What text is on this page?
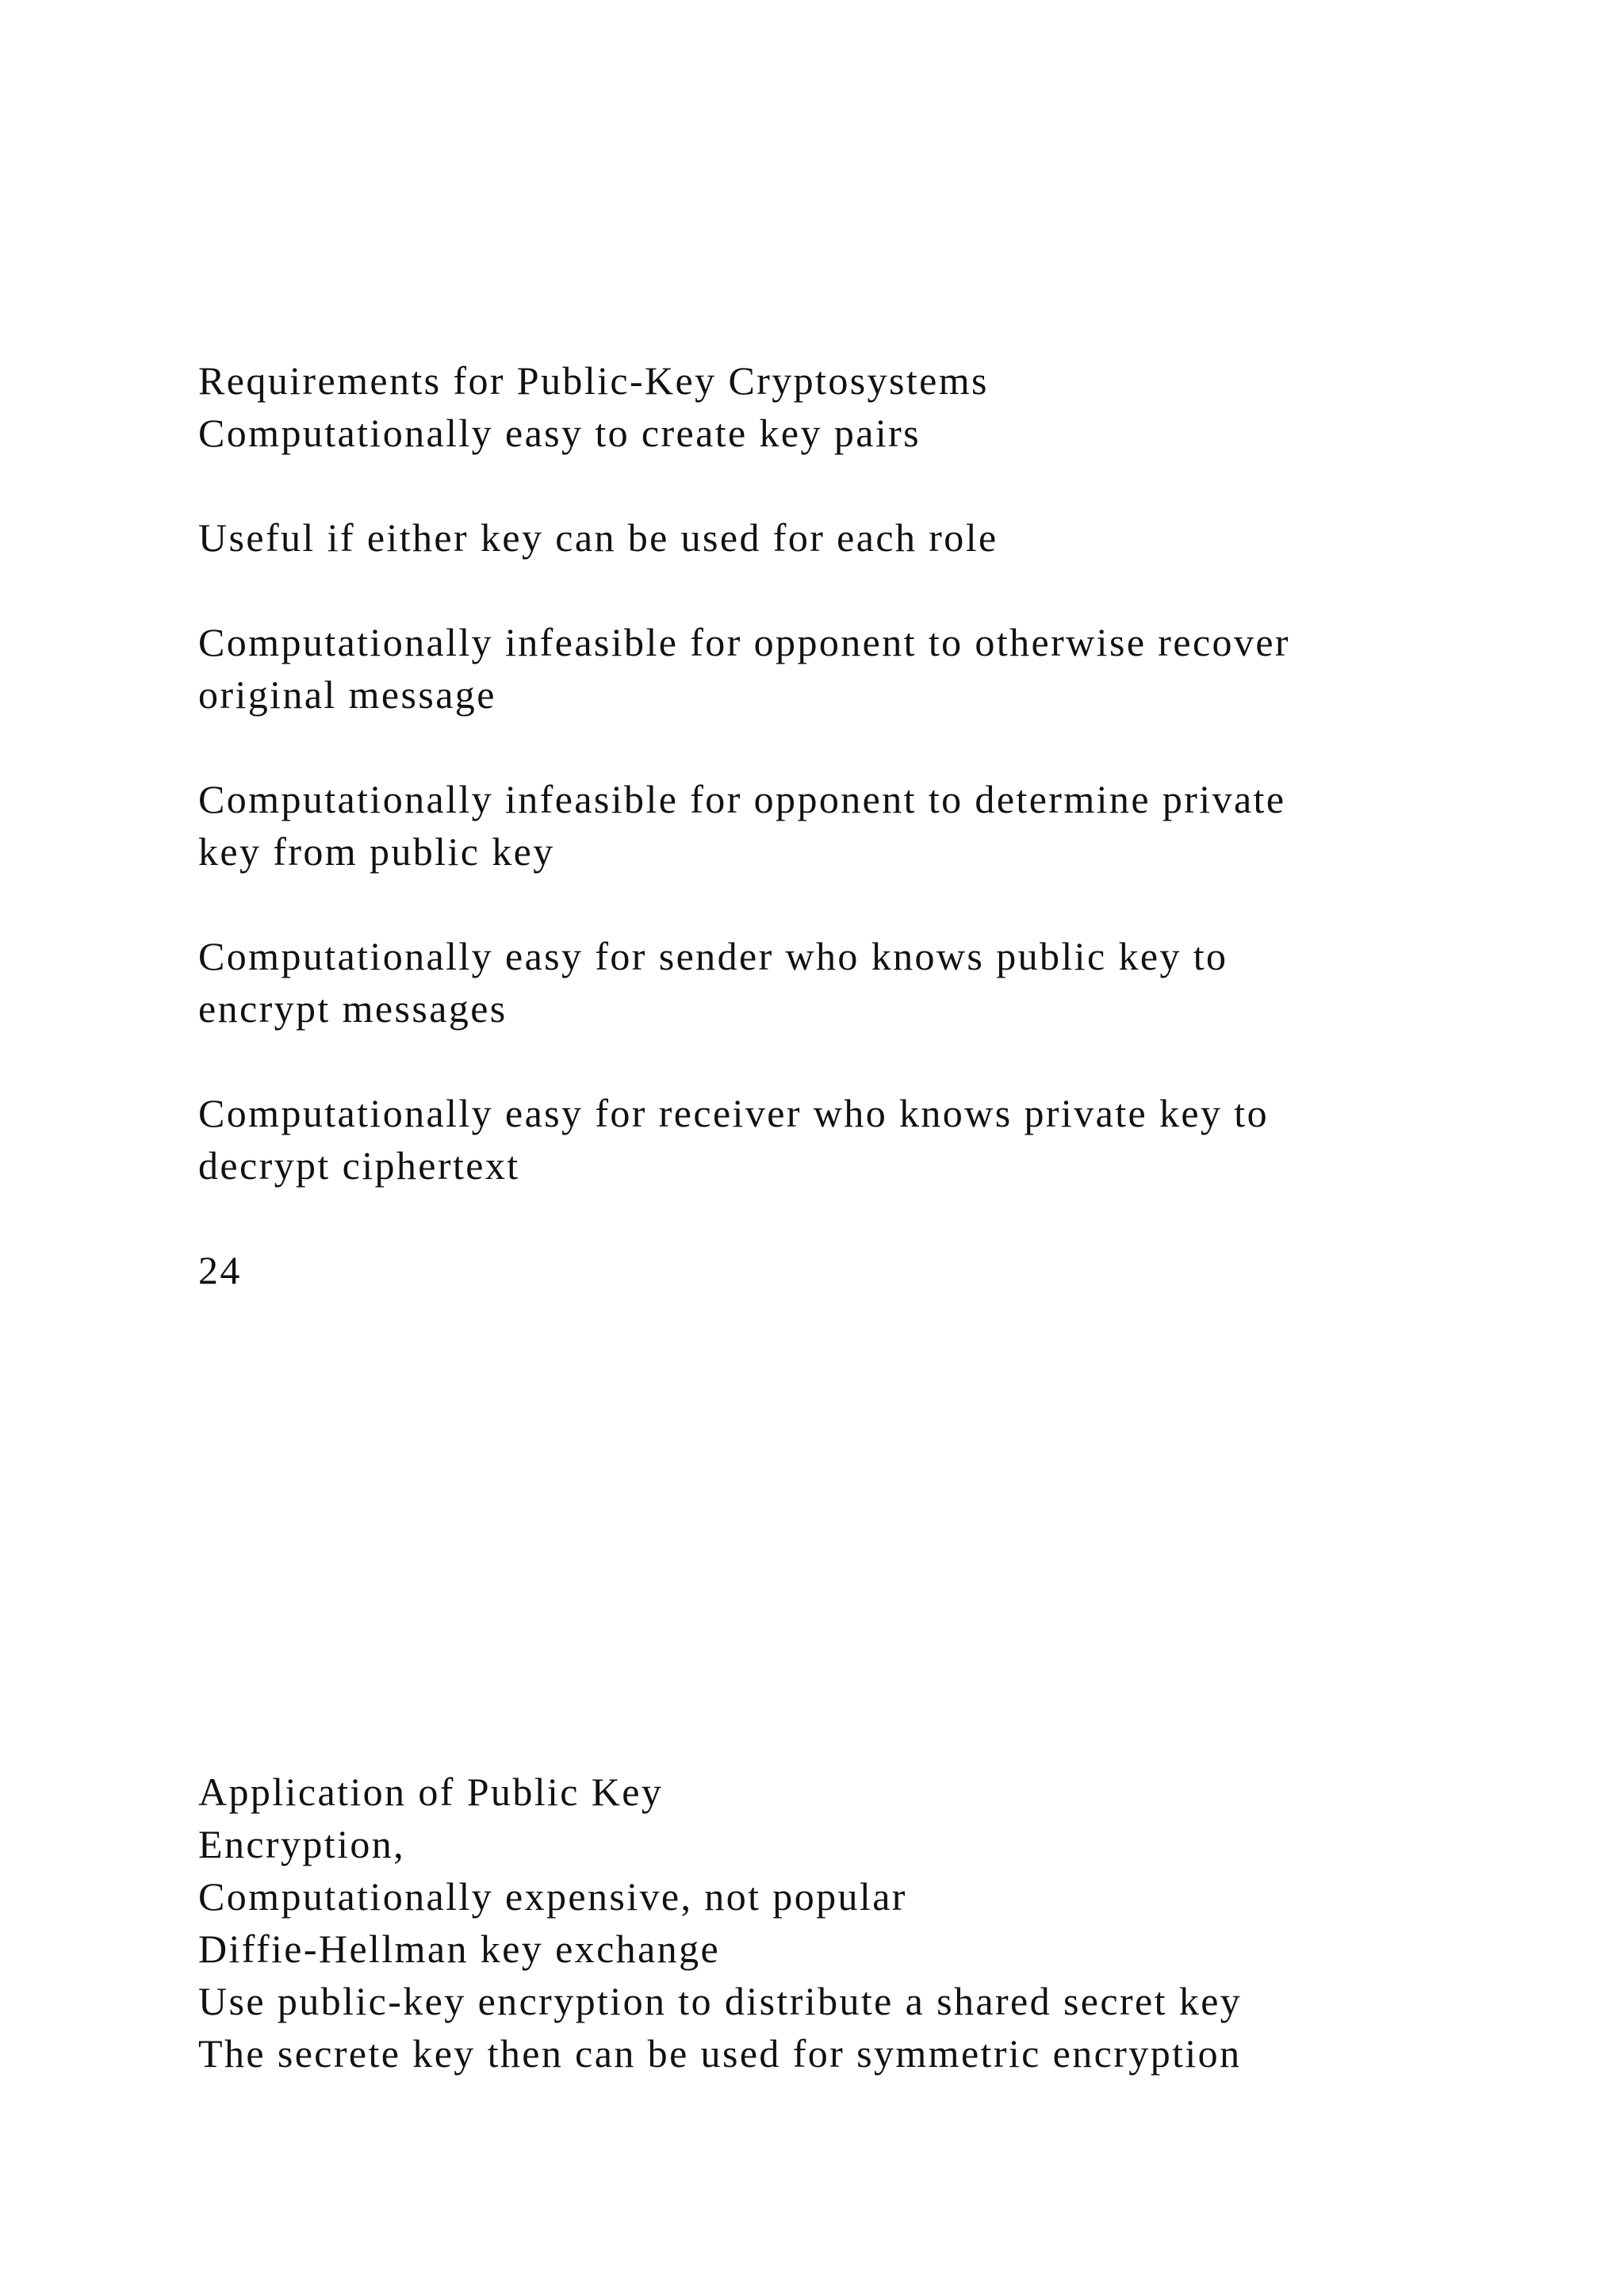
Requirements for Public-Key Cryptosystems
Computationally easy to create key pairs
Useful if either key can be used for each role
Computationally infeasible for opponent to otherwise recover
original message
Computationally infeasible for opponent to determine private
key from public key
Computationally easy for sender who knows public key to
encrypt messages
Computationally easy for receiver who knows private key to
decrypt ciphertext
24
Application of Public Key
Encryption,
Computationally expensive, not popular
Diffie-Hellman key exchange
Use public-key encryption to distribute a shared secret key
The secrete key then can be used for symmetric encryption
